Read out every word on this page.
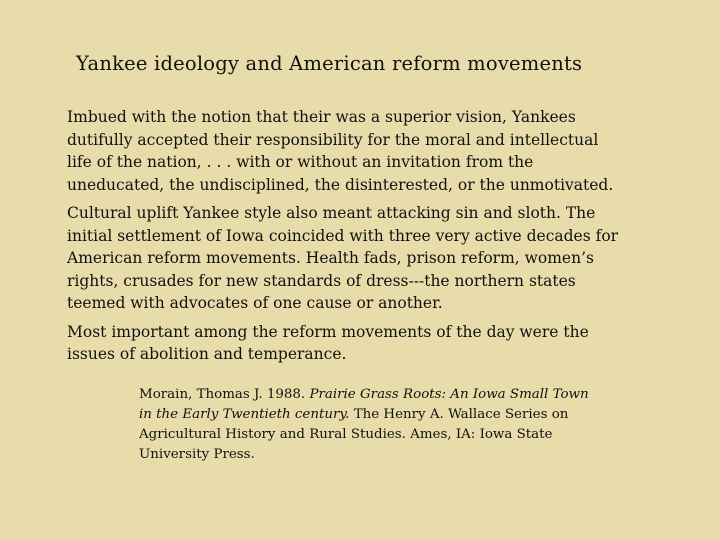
Yankee ideology and American reform movements

Imbued with the notion that their was a superior vision, Yankees
dutifully accepted their responsibility for the moral and intellectual
life of the nation, . . . with or without an invitation from the
uneducated, the undisciplined, the disinterested, or the unmotivated.

Cultural uplift Yankee style also meant attacking sin and sloth. The
initial settlement of Iowa coincided with three very active decades for
American reform movements. Health fads, prison reform, women’s
rights, crusades for new standards of dress---the northern states
teemed with advocates of one cause or another.

Most important among the reform movements of the day were the
issues of abolition and temperance.

Morain, Thomas J. 1988. Prairie Grass Roots: An Iowa Small Town
in the Early Twentieth century. The Henry A. Wallace Series on
Agricultural History and Rural Studies. Ames, IA: Iowa State
University Press.
